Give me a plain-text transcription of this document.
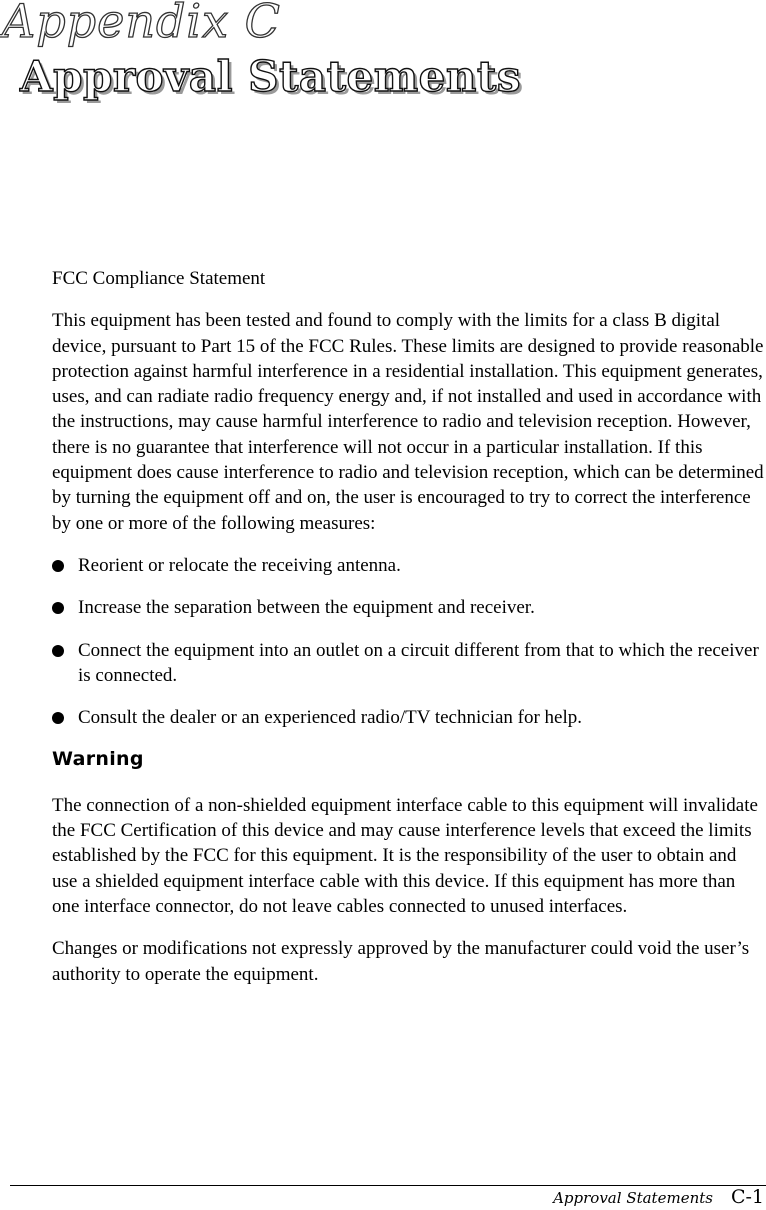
Appendix C
Approval Statements
FCC Compliance Statement

This equipment has been tested and found to comply with the limits for a class B digital device, pursuant to Part 15 of the FCC Rules. These limits are designed to provide reasonable protection against harmful interference in a residential installation. This equipment generates, uses, and can radiate radio frequency energy and, if not installed and used in accordance with the instructions, may cause harmful interference to radio and television reception. However, there is no guarantee that interference will not occur in a particular installation. If this equipment does cause interference to radio and television reception, which can be determined by turning the equipment off and on, the user is encouraged to try to correct the interference by one or more of the following measures:

Reorient or relocate the receiving antenna.
Increase the separation between the equipment and receiver.
Connect the equipment into an outlet on a circuit different from that to which the receiver is connected.
Consult the dealer or an experienced radio/TV technician for help.
Warning

The connection of a non-shielded equipment interface cable to this equipment will invalidate the FCC Certification of this device and may cause interference levels that exceed the limits established by the FCC for this equipment. It is the responsibility of the user to obtain and use a shielded equipment interface cable with this device. If this equipment has more than one interface connector, do not leave cables connected to unused interfaces.

Changes or modifications not expressly approved by the manufacturer could void the user’s authority to operate the equipment.

Approval Statements C-1
